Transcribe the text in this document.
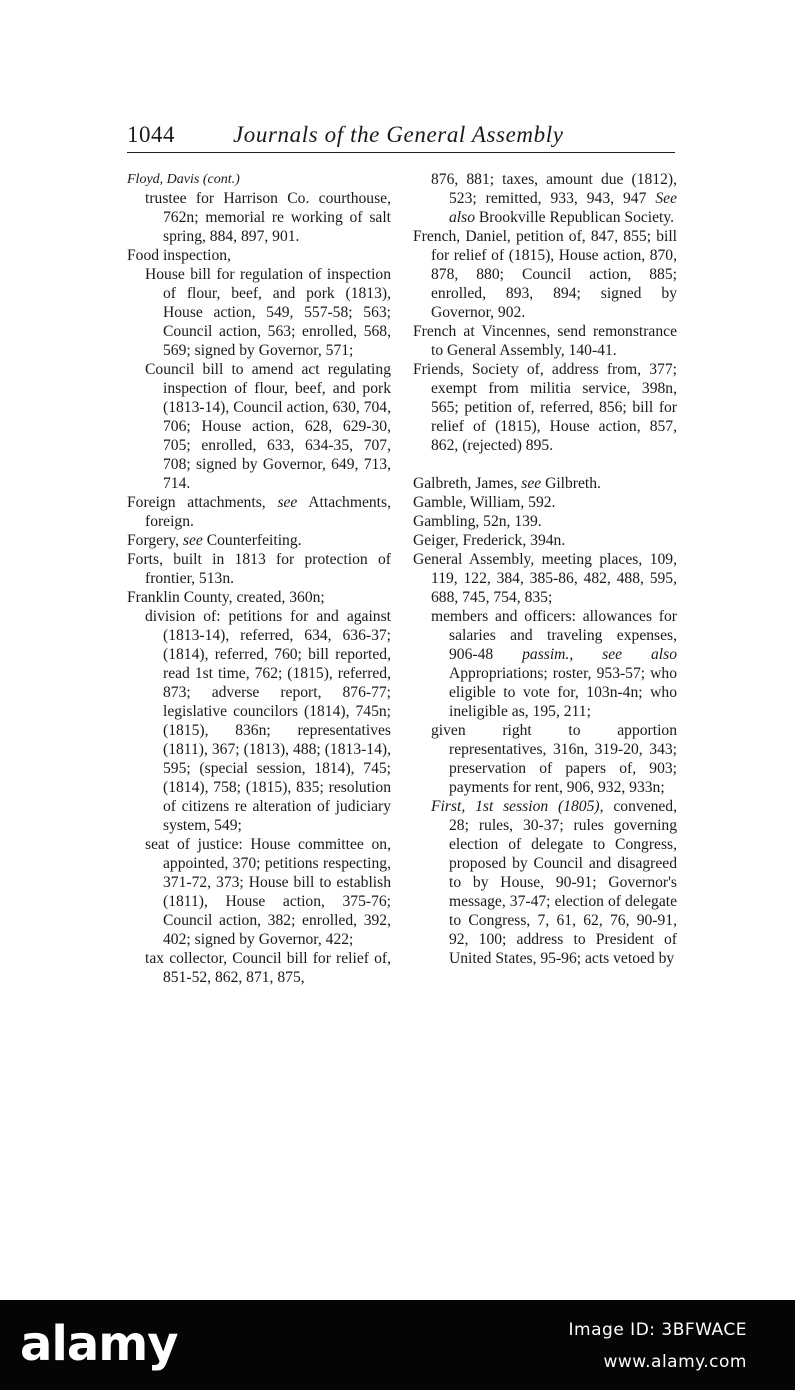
1044	Journals of the General Assembly

Floyd, Davis (cont.)

trustee for Harrison Co. courthouse, 762n; memorial re working of salt spring, 884, 897, 901.

Food inspection,

House bill for regulation of inspection of flour, beef, and pork (1813), House action, 549, 557-58; 563; Council action, 563; enrolled, 568, 569; signed by Governor, 571;

Council bill to amend act regulating inspection of flour, beef, and pork (1813-14), Council action, 630, 704, 706; House action, 628, 629-30, 705; enrolled, 633, 634-35, 707, 708; signed by Governor, 649, 713, 714.

Foreign attachments, see Attachments, foreign.

Forgery, see Counterfeiting.

Forts, built in 1813 for protection of frontier, 513n.

Franklin County, created, 360n;

division of: petitions for and against (1813-14), referred, 634, 636-37; (1814), referred, 760; bill reported, read 1st time, 762; (1815), referred, 873; adverse report, 876-77; legislative councilors (1814), 745n; (1815), 836n; representatives (1811), 367; (1813), 488; (1813-14), 595; (special session, 1814), 745; (1814), 758; (1815), 835; resolution of citizens re alteration of judiciary system, 549;

seat of justice: House committee on, appointed, 370; petitions respecting, 371-72, 373; House bill to establish (1811), House action, 375-76; Council action, 382; enrolled, 392, 402; signed by Governor, 422;

tax collector, Council bill for relief of, 851-52, 862, 871, 875,

876, 881; taxes, amount due (1812), 523; remitted, 933, 943, 947 See also Brookville Republican Society.

French, Daniel, petition of, 847, 855; bill for relief of (1815), House action, 870, 878, 880; Council action, 885; enrolled, 893, 894; signed by Governor, 902.

French at Vincennes, send remonstrance to General Assembly, 140-41.

Friends, Society of, address from, 377; exempt from militia service, 398n, 565; petition of, referred, 856; bill for relief of (1815), House action, 857, 862, (rejected) 895.

Galbreth, James, see Gilbreth.

Gamble, William, 592.

Gambling, 52n, 139.

Geiger, Frederick, 394n.

General Assembly, meeting places, 109, 119, 122, 384, 385-86, 482, 488, 595, 688, 745, 754, 835;

members and officers: allowances for salaries and traveling expenses, 906-48 passim., see also Appropriations; roster, 953-57; who eligible to vote for, 103n-4n; who ineligible as, 195, 211;

given right to apportion representatives, 316n, 319-20, 343; preservation of papers of, 903; payments for rent, 906, 932, 933n;

First, 1st session (1805), convened, 28; rules, 30-37; rules governing election of delegate to Congress, proposed by Council and disagreed to by House, 90-91; Governor's message, 37-47; election of delegate to Congress, 7, 61, 62, 76, 90-91, 92, 100; address to President of United States, 95-96; acts vetoed by

alamy	Image ID: 3BFWACE
www.alamy.com
